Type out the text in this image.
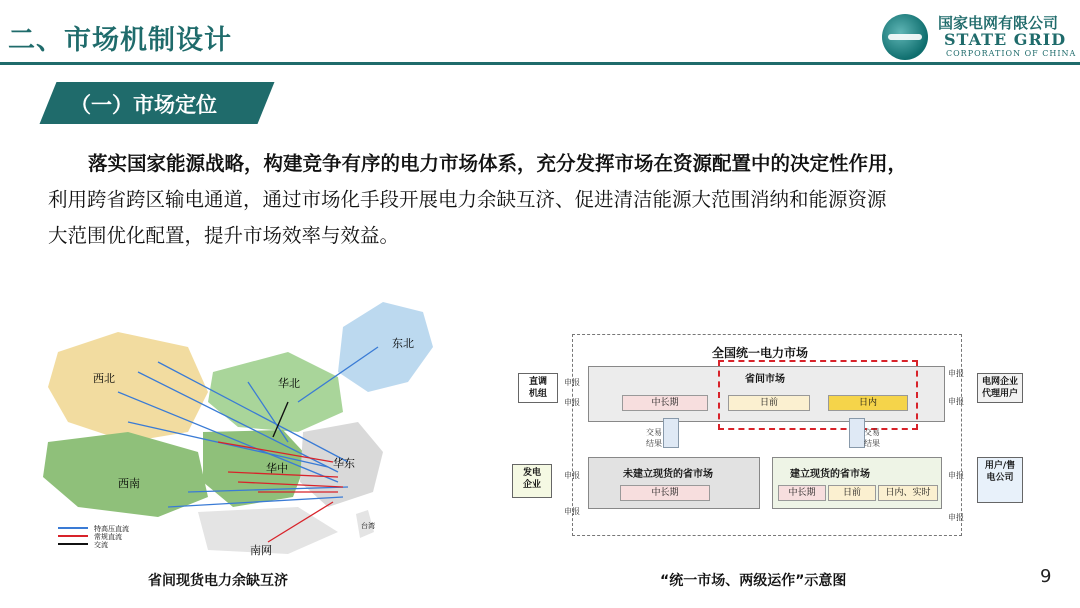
二、市场机制设计
国家电网有限公司
STATE GRID
CORPORATION OF CHINA
（一）市场定位
落实国家能源战略，构建竞争有序的电力市场体系，充分发挥市场在资源配置中的决定性作用，
利用跨省跨区输电通道，通过市场化手段开展电力余缺互济、促进清洁能源大范围消纳和能源资源
大范围优化配置，提升市场效率与效益。
东北
西北	华北
西南
华中	华东
南网
台湾
特高压直流
常规直流
交流
省间现货电力余缺互济
全国统一电力市场
省间市场
中长期	日前	日内
直调
机组
电网企业
代理用户
发电
企业
用户/售
电公司
申报
申报
申报
申报
申报
申报
申报
申报
交易
结果
交易
结果
未建立现货的省市场	建立现货的省市场
中长期	中长期	日前	日内、实时
“统一市场、两级运作”示意图	9
